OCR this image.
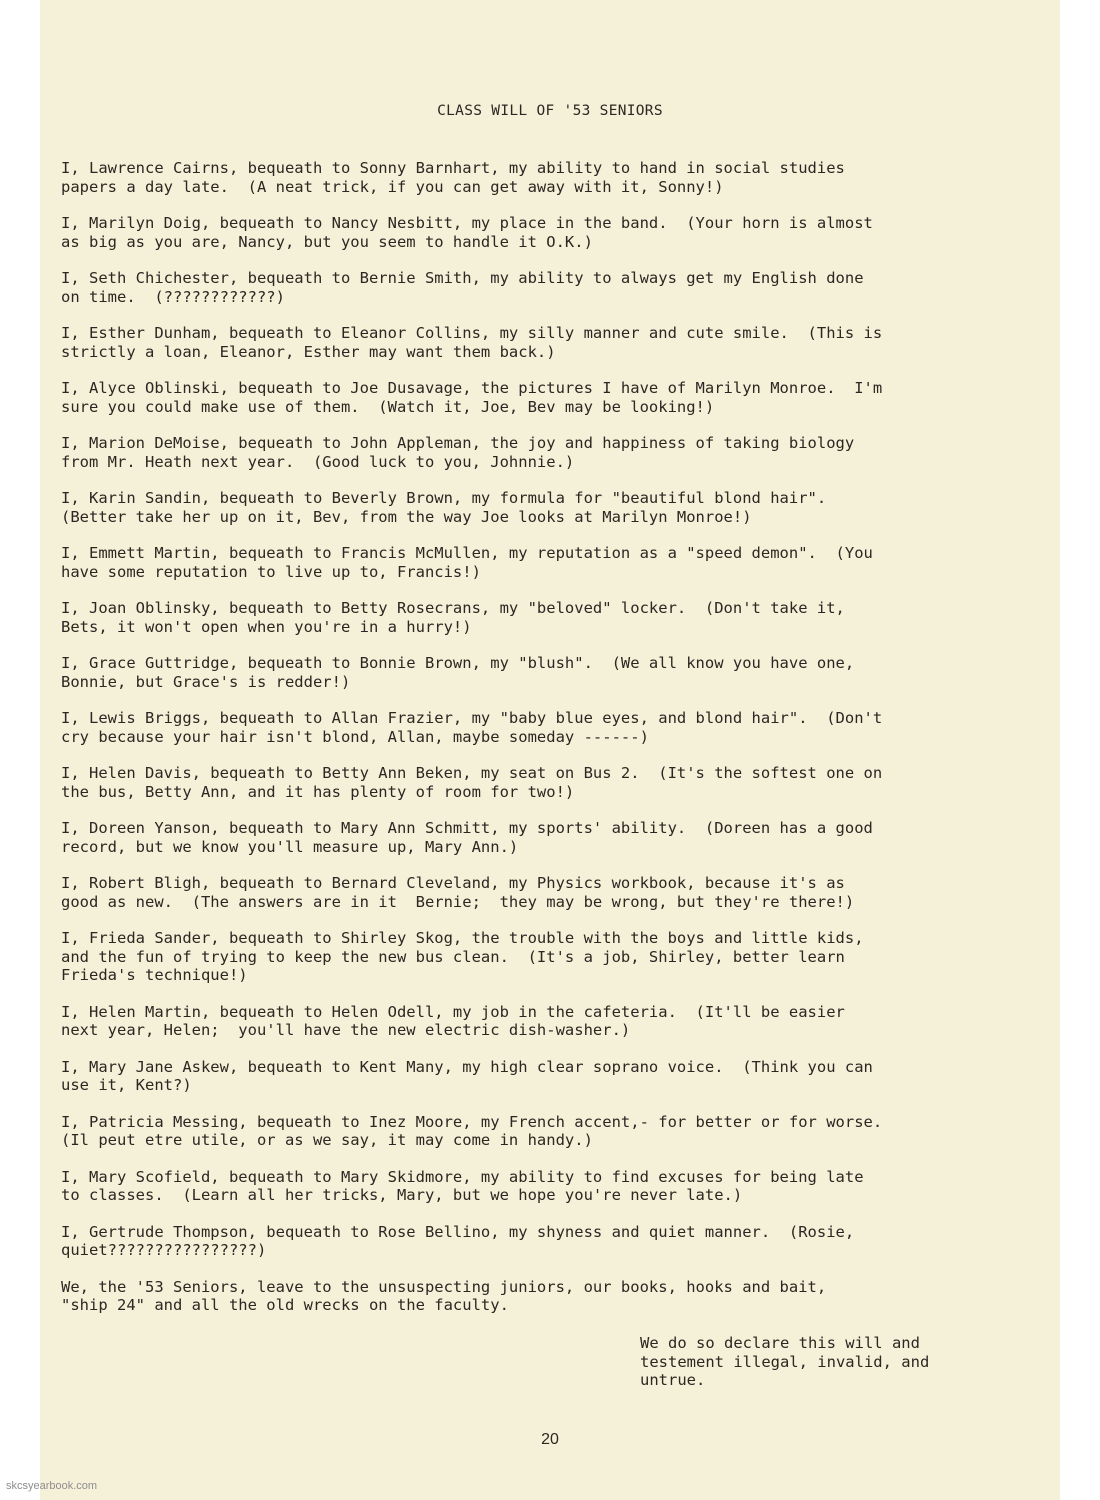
CLASS WILL OF '53 SENIORS

I, Lawrence Cairns, bequeath to Sonny Barnhart, my ability to hand in social studies
papers a day late.  (A neat trick, if you can get away with it, Sonny!)

I, Marilyn Doig, bequeath to Nancy Nesbitt, my place in the band.  (Your horn is almost
as big as you are, Nancy, but you seem to handle it O.K.)

I, Seth Chichester, bequeath to Bernie Smith, my ability to always get my English done
on time.  (????????????)

I, Esther Dunham, bequeath to Eleanor Collins, my silly manner and cute smile.  (This is
strictly a loan, Eleanor, Esther may want them back.)

I, Alyce Oblinski, bequeath to Joe Dusavage, the pictures I have of Marilyn Monroe.  I'm
sure you could make use of them.  (Watch it, Joe, Bev may be looking!)

I, Marion DeMoise, bequeath to John Appleman, the joy and happiness of taking biology
from Mr. Heath next year.  (Good luck to you, Johnnie.)

I, Karin Sandin, bequeath to Beverly Brown, my formula for "beautiful blond hair".
(Better take her up on it, Bev, from the way Joe looks at Marilyn Monroe!)

I, Emmett Martin, bequeath to Francis McMullen, my reputation as a "speed demon".  (You
have some reputation to live up to, Francis!)

I, Joan Oblinsky, bequeath to Betty Rosecrans, my "beloved" locker.  (Don't take it,
Bets, it won't open when you're in a hurry!)

I, Grace Guttridge, bequeath to Bonnie Brown, my "blush".  (We all know you have one,
Bonnie, but Grace's is redder!)

I, Lewis Briggs, bequeath to Allan Frazier, my "baby blue eyes, and blond hair".  (Don't
cry because your hair isn't blond, Allan, maybe someday ------)

I, Helen Davis, bequeath to Betty Ann Beken, my seat on Bus 2.  (It's the softest one on
the bus, Betty Ann, and it has plenty of room for two!)

I, Doreen Yanson, bequeath to Mary Ann Schmitt, my sports' ability.  (Doreen has a good
record, but we know you'll measure up, Mary Ann.)

I, Robert Bligh, bequeath to Bernard Cleveland, my Physics workbook, because it's as
good as new.  (The answers are in it  Bernie;  they may be wrong, but they're there!)

I, Frieda Sander, bequeath to Shirley Skog, the trouble with the boys and little kids,
and the fun of trying to keep the new bus clean.  (It's a job, Shirley, better learn
Frieda's technique!)

I, Helen Martin, bequeath to Helen Odell, my job in the cafeteria.  (It'll be easier
next year, Helen;  you'll have the new electric dish-washer.)

I, Mary Jane Askew, bequeath to Kent Many, my high clear soprano voice.  (Think you can
use it, Kent?)

I, Patricia Messing, bequeath to Inez Moore, my French accent,- for better or for worse.
(Il peut etre utile, or as we say, it may come in handy.)

I, Mary Scofield, bequeath to Mary Skidmore, my ability to find excuses for being late
to classes.  (Learn all her tricks, Mary, but we hope you're never late.)

I, Gertrude Thompson, bequeath to Rose Bellino, my shyness and quiet manner.  (Rosie,
quiet????????????????)

We, the '53 Seniors, leave to the unsuspecting juniors, our books, hooks and bait,
"ship 24" and all the old wrecks on the faculty.

We do so declare this will and
testement illegal, invalid, and
untrue.
20
skcsyearbook.com
